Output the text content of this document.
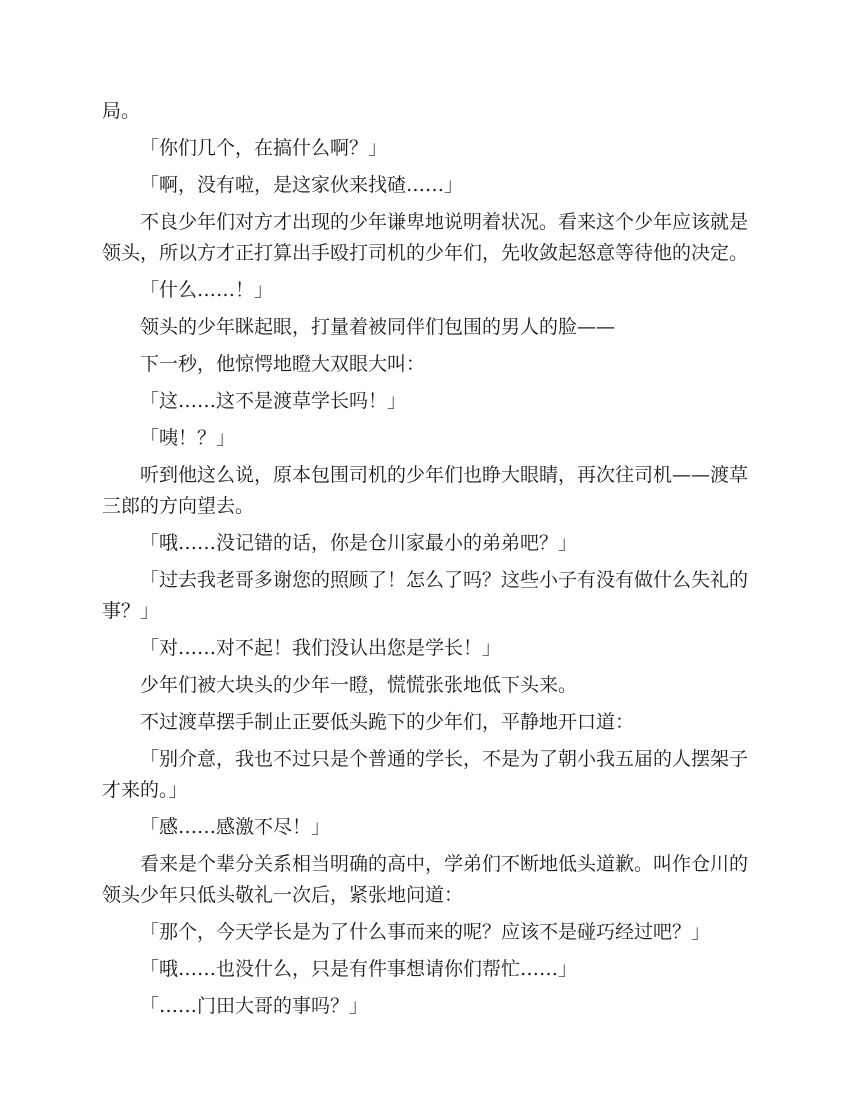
局。

「你们几个，在搞什么啊？」

「啊，没有啦，是这家伙来找碴……」

不良少年们对方才出现的少年谦卑地说明着状况。看来这个少年应该就是领头，所以方才正打算出手殴打司机的少年们，先收敛起怒意等待他的决定。

「什么……！」

领头的少年眯起眼，打量着被同伴们包围的男人的脸——

下一秒，他惊愕地瞪大双眼大叫：

「这……这不是渡草学长吗！」

「咦！？」

听到他这么说，原本包围司机的少年们也睁大眼睛，再次往司机——渡草三郎的方向望去。

「哦……没记错的话，你是仓川家最小的弟弟吧？」

「过去我老哥多谢您的照顾了！怎么了吗？这些小子有没有做什么失礼的事？」

「对……对不起！我们没认出您是学长！」

少年们被大块头的少年一瞪，慌慌张张地低下头来。

不过渡草摆手制止正要低头跪下的少年们，平静地开口道：

「别介意，我也不过只是个普通的学长，不是为了朝小我五届的人摆架子才来的。」

「感……感激不尽！」

看来是个辈分关系相当明确的高中，学弟们不断地低头道歉。叫作仓川的领头少年只低头敬礼一次后，紧张地问道：

「那个，今天学长是为了什么事而来的呢？应该不是碰巧经过吧？」

「哦……也没什么，只是有件事想请你们帮忙……」

「……门田大哥的事吗？」
